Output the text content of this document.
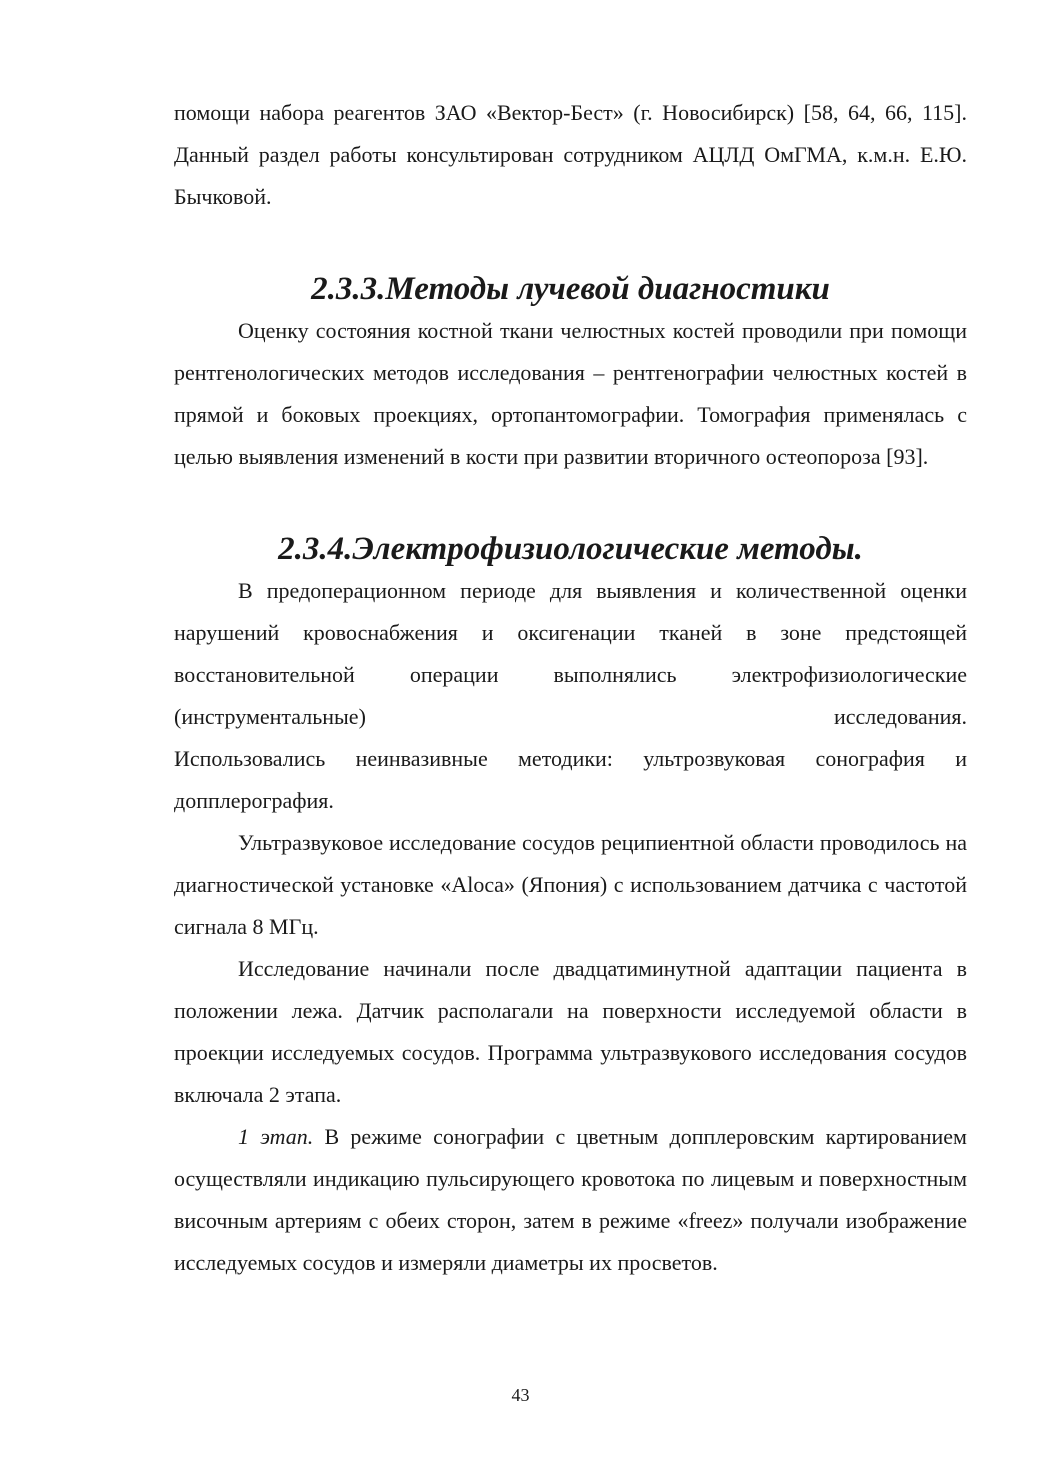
помощи набора реагентов ЗАО «Вектор-Бест» (г. Новосибирск) [58, 64, 66, 115]. Данный раздел работы консультирован сотрудником АЦЛД ОмГМА, к.м.н. Е.Ю. Бычковой.

2.3.3.Методы лучевой диагностики

Оценку состояния костной ткани челюстных костей проводили при помощи рентгенологических методов исследования – рентгенографии челюстных костей в прямой и боковых проекциях, ортопантомографии. Томография применялась с целью выявления изменений в кости при развитии вторичного остеопороза [93].

2.3.4.Электрофизиологические методы.

В предоперационном периоде для выявления и количественной оценки нарушений кровоснабжения и оксигенации тканей в зоне предстоящей восстановительной операции выполнялись электрофизиологические (инструментальные) исследования.

Использовались неинвазивные методики: ультрозвуковая сонография и допплерография.

Ультразвуковое исследование сосудов реципиентной области проводилось на диагностической установке «Aloca» (Япония) с использованием датчика с частотой сигнала 8 МГц.

Исследование начинали после двадцатиминутной адаптации пациента в положении лежа. Датчик располагали на поверхности исследуемой области в проекции исследуемых сосудов. Программа ультразвукового исследования сосудов включала 2 этапа.

1 этап. В режиме сонографии с цветным допплеровским картированием осуществляли индикацию пульсирующего кровотока по лицевым и поверхностным височным артериям с обеих сторон, затем в режиме «freez» получали изображение исследуемых сосудов и измеряли диаметры их просветов.

43
